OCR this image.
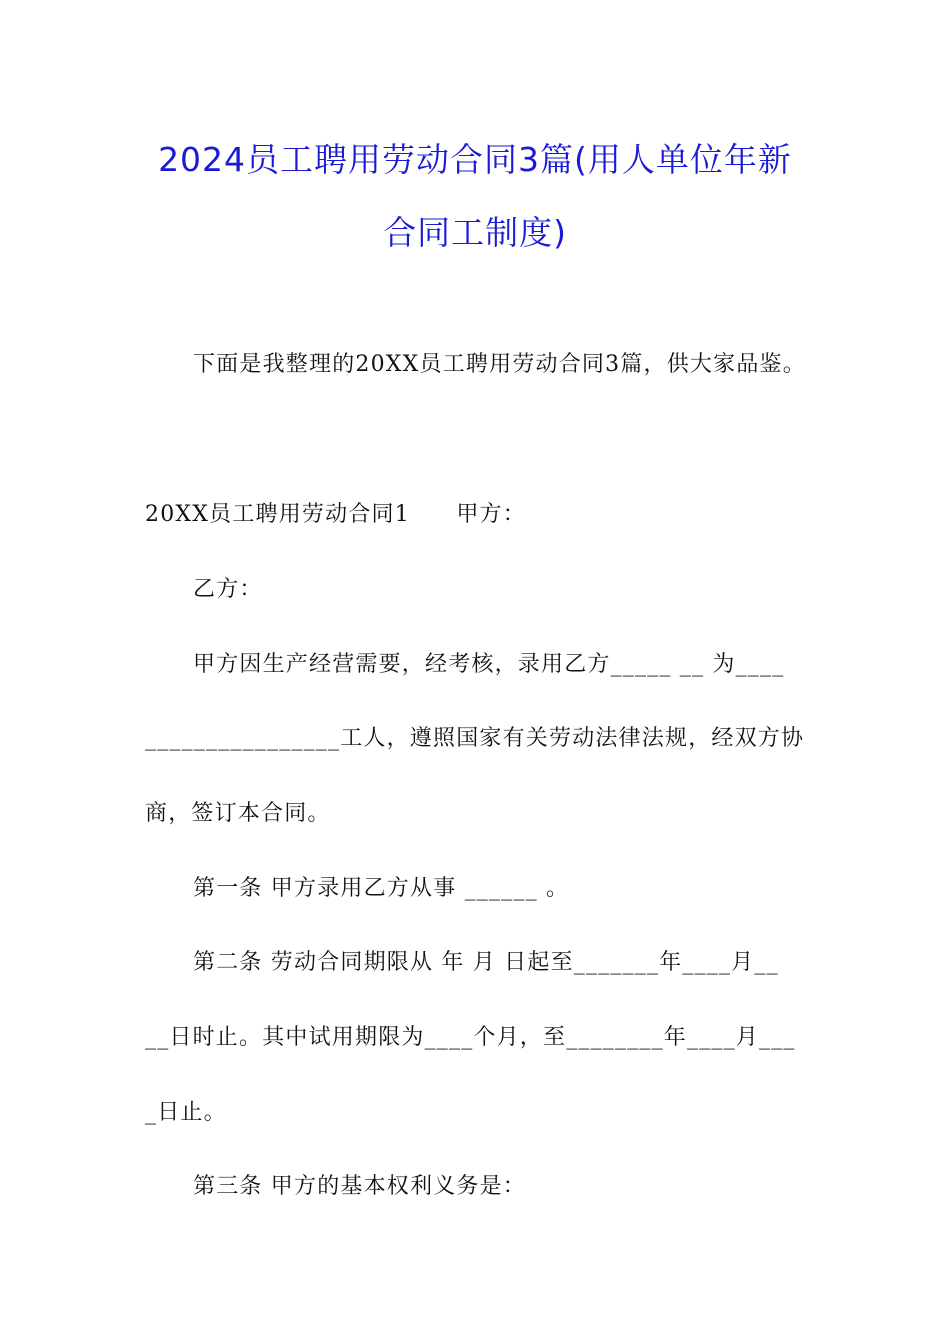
2024员工聘用劳动合同3篇(用人单位年新
合同工制度)
下面是我整理的20XX员工聘用劳动合同3篇，供大家品鉴。
20XX员工聘用劳动合同1　　甲方：
乙方：
甲方因生产经营需要，经考核，录用乙方_____ __ 为____
________________工人，遵照国家有关劳动法律法规，经双方协
商，签订本合同。
第一条 甲方录用乙方从事 ______ 。
第二条 劳动合同期限从 年 月 日起至_______年____月__
__日时止。其中试用期限为____个月，至________年____月___
_日止。
第三条 甲方的基本权利义务是：
